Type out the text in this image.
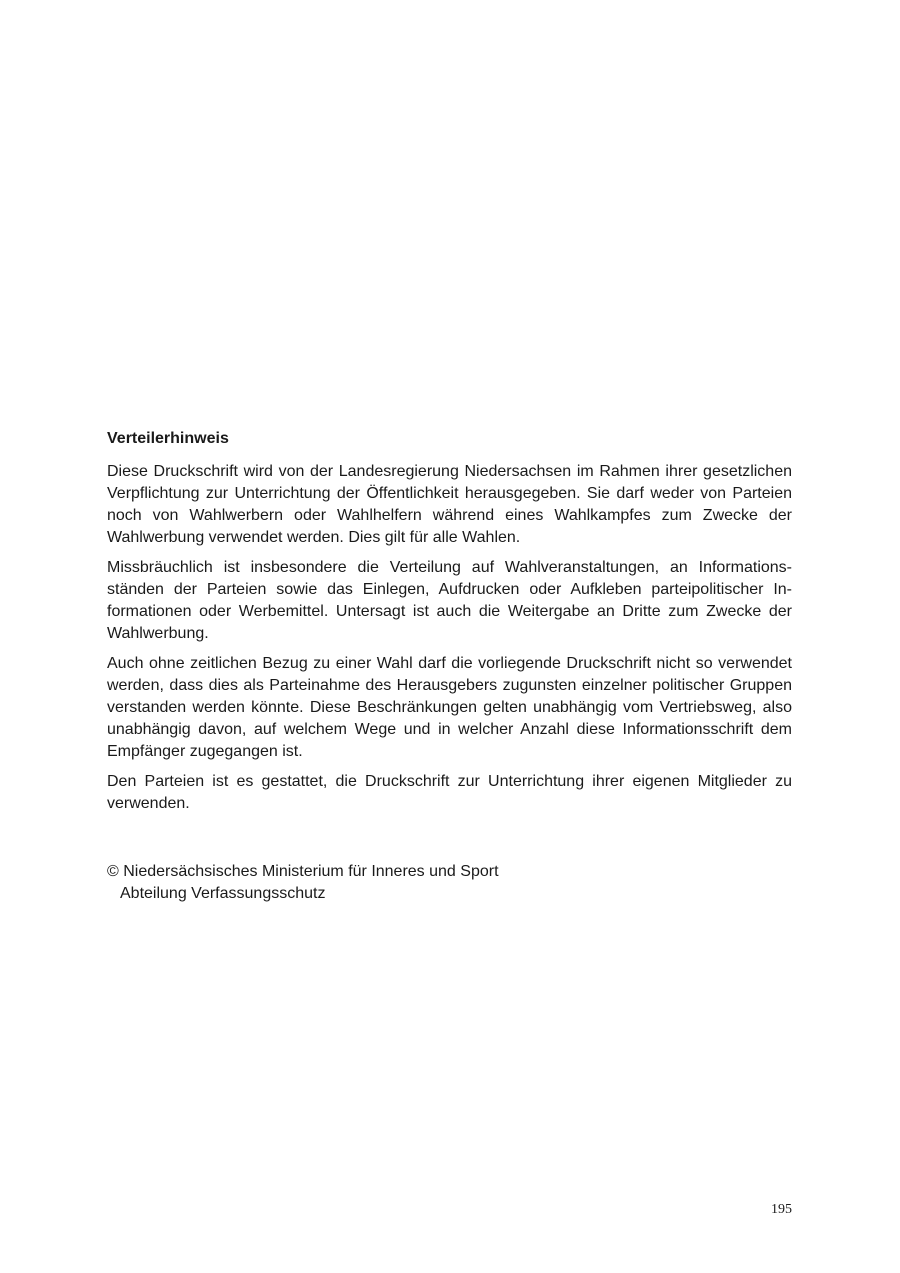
Verteilerhinweis

Diese Druckschrift wird von der Landesregierung Niedersachsen im Rahmen ihrer gesetzlichen Verpflichtung zur Unterrichtung der Öffentlichkeit herausgegeben. Sie darf weder von Parteien noch von Wahlwerbern oder Wahlhelfern während eines Wahlkampfes zum Zwecke der Wahlwerbung verwendet werden. Dies gilt für alle Wahlen.

Missbräuchlich ist insbesondere die Verteilung auf Wahlveranstaltungen, an Informationsständen der Parteien sowie das Einlegen, Aufdrucken oder Aufkleben parteipolitischer Informationen oder Werbemittel. Untersagt ist auch die Weitergabe an Dritte zum Zwecke der Wahlwerbung.

Auch ohne zeitlichen Bezug zu einer Wahl darf die vorliegende Druckschrift nicht so verwendet werden, dass dies als Parteinahme des Herausgebers zugunsten einzelner politischer Gruppen verstanden werden könnte. Diese Beschränkungen gelten unabhängig vom Vertriebsweg, also unabhängig davon, auf welchem Wege und in welcher Anzahl diese Informationsschrift dem Empfänger zugegangen ist.

Den Parteien ist es gestattet, die Druckschrift zur Unterrichtung ihrer eigenen Mitglieder zu verwenden.

© Niedersächsisches Ministerium für Inneres und Sport
Abteilung Verfassungsschutz
195
